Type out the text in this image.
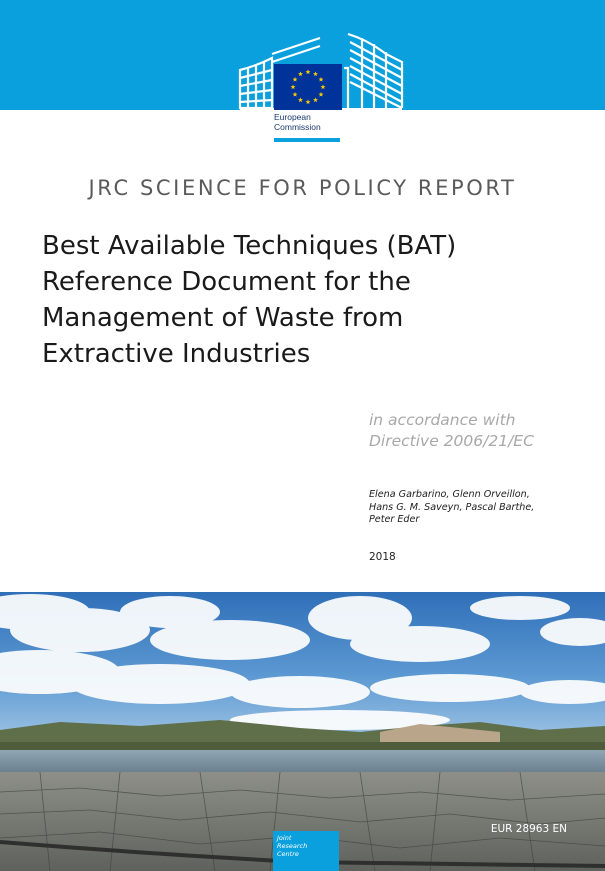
European
Commission
JRC SCIENCE FOR POLICY REPORT
Best Available Techniques (BAT)
Reference Document for the
Management of Waste from
Extractive Industries
in accordance with
Directive 2006/21/EC
Elena Garbarino, Glenn Orveillon,
Hans G. M. Saveyn, Pascal Barthe,
Peter Eder
2018
EUR 28963 EN
Joint
Research
Centre
